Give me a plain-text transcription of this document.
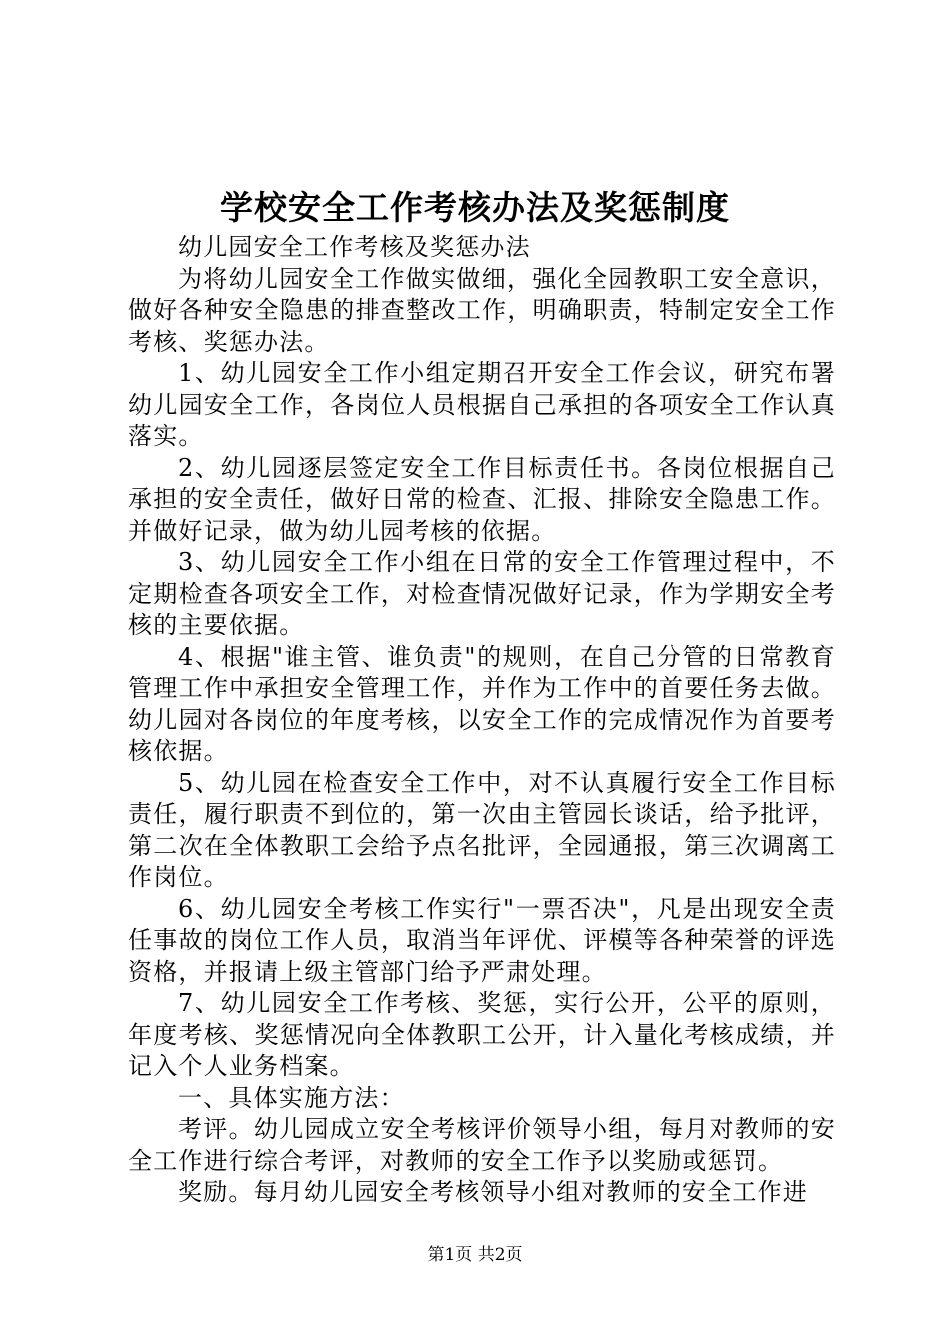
学校安全工作考核办法及奖惩制度

幼儿园安全工作考核及奖惩办法

为将幼儿园安全工作做实做细，强化全园教职工安全意识，做好各种安全隐患的排查整改工作，明确职责，特制定安全工作考核、奖惩办法。

1、幼儿园安全工作小组定期召开安全工作会议，研究布署幼儿园安全工作，各岗位人员根据自己承担的各项安全工作认真落实。

2、幼儿园逐层签定安全工作目标责任书。各岗位根据自己承担的安全责任，做好日常的检查、汇报、排除安全隐患工作。并做好记录，做为幼儿园考核的依据。

3、幼儿园安全工作小组在日常的安全工作管理过程中，不定期检查各项安全工作，对检查情况做好记录，作为学期安全考核的主要依据。

4、根据"谁主管、谁负责"的规则，在自己分管的日常教育管理工作中承担安全管理工作，并作为工作中的首要任务去做。幼儿园对各岗位的年度考核，以安全工作的完成情况作为首要考核依据。

5、幼儿园在检查安全工作中，对不认真履行安全工作目标责任，履行职责不到位的，第一次由主管园长谈话，给予批评，第二次在全体教职工会给予点名批评，全园通报，第三次调离工作岗位。

6、幼儿园安全考核工作实行"一票否决"，凡是出现安全责任事故的岗位工作人员，取消当年评优、评模等各种荣誉的评选资格，并报请上级主管部门给予严肃处理。

7、幼儿园安全工作考核、奖惩，实行公开，公平的原则，年度考核、奖惩情况向全体教职工公开，计入量化考核成绩，并记入个人业务档案。

一、具体实施方法：

考评。幼儿园成立安全考核评价领导小组，每月对教师的安全工作进行综合考评，对教师的安全工作予以奖励或惩罚。

奖励。每月幼儿园安全考核领导小组对教师的安全工作进

第1页 共2页
